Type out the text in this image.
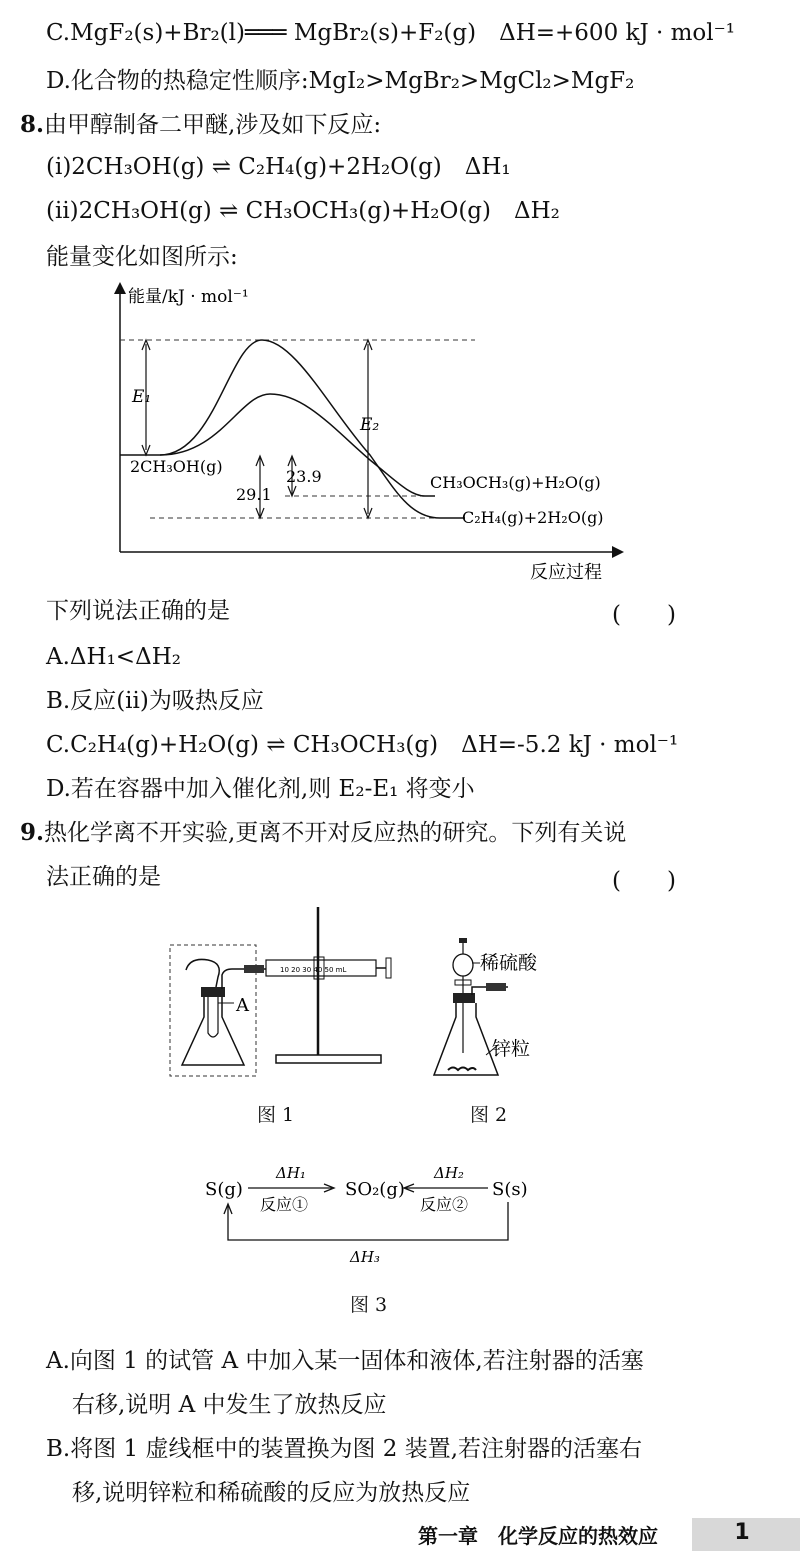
C.MgF₂(s)+Br₂(l)═══ MgBr₂(s)+F₂(g)　ΔH=+600 kJ · mol⁻¹
D.化合物的热稳定性顺序:MgI₂>MgBr₂>MgCl₂>MgF₂
8.由甲醇制备二甲醚,涉及如下反应:
(ⅰ)2CH₃OH(g) ⇌ C₂H₄(g)+2H₂O(g)　ΔH₁
(ⅱ)2CH₃OH(g) ⇌ CH₃OCH₃(g)+H₂O(g)　ΔH₂
能量变化如图所示:
能量/kJ · mol⁻¹
反应过程
2CH₃OH(g)
CH₃OCH₃(g)+H₂O(g)
C₂H₄(g)+2H₂O(g)
E₁
E₂
23.9
29.1
下列说法正确的是	(　　)
A.ΔH₁<ΔH₂
B.反应(ⅱ)为吸热反应
C.C₂H₄(g)+H₂O(g) ⇌ CH₃OCH₃(g)　ΔH=-5.2 kJ · mol⁻¹
D.若在容器中加入催化剂,则 E₂-E₁ 将变小
9.热化学离不开实验,更离不开对反应热的研究。下列有关说
法正确的是	(　　)
10 20 30 40 50 mL
A
稀硫酸
锌粒
图 1	图 2
S(g)	SO₂(g)	S(s)
ΔH₁
反应①
ΔH₂
反应②
ΔH₃
图 3
A.向图 1 的试管 A 中加入某一固体和液体,若注射器的活塞
右移,说明 A 中发生了放热反应
B.将图 1 虚线框中的装置换为图 2 装置,若注射器的活塞右
移,说明锌粒和稀硫酸的反应为放热反应
第一章　化学反应的热效应	1
